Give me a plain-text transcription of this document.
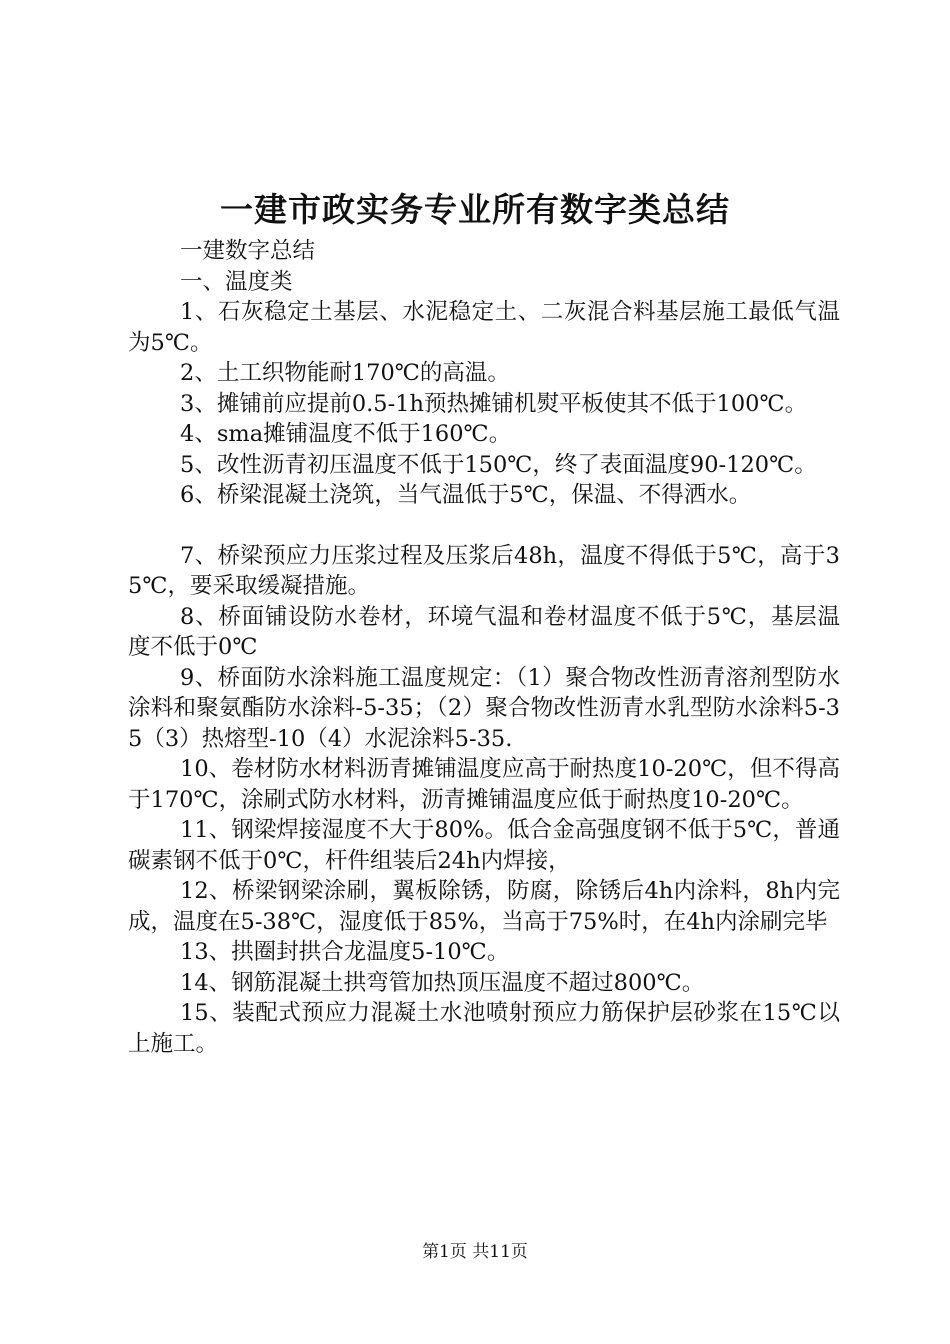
一建市政实务专业所有数字类总结

一建数字总结

一、温度类

1、石灰稳定土基层、水泥稳定土、二灰混合料基层施工最低气温为5℃。

2、土工织物能耐170℃的高温。

3、摊铺前应提前0.5-1h预热摊铺机熨平板使其不低于100℃。

4、sma摊铺温度不低于160℃。

5、改性沥青初压温度不低于150℃，终了表面温度90-120℃。

6、桥梁混凝土浇筑，当气温低于5℃，保温、不得洒水。

7、桥梁预应力压浆过程及压浆后48h，温度不得低于5℃，高于35℃，要采取缓凝措施。

8、桥面铺设防水卷材，环境气温和卷材温度不低于5℃，基层温度不低于0℃

9、桥面防水涂料施工温度规定：（1）聚合物改性沥青溶剂型防水涂料和聚氨酯防水涂料-5-35；（2）聚合物改性沥青水乳型防水涂料5-35（3）热熔型-10（4）水泥涂料5-35.

10、卷材防水材料沥青摊铺温度应高于耐热度10-20℃，但不得高于170℃，涂刷式防水材料，沥青摊铺温度应低于耐热度10-20℃。

11、钢梁焊接湿度不大于80%。低合金高强度钢不低于5℃，普通碳素钢不低于0℃，杆件组装后24h内焊接，

12、桥梁钢梁涂刷，翼板除锈，防腐，除锈后4h内涂料，8h内完成，温度在5-38℃，湿度低于85%，当高于75%时，在4h内涂刷完毕

13、拱圈封拱合龙温度5-10℃。

14、钢筋混凝土拱弯管加热顶压温度不超过800℃。

15、装配式预应力混凝土水池喷射预应力筋保护层砂浆在15℃以上施工。

第1页 共11页
